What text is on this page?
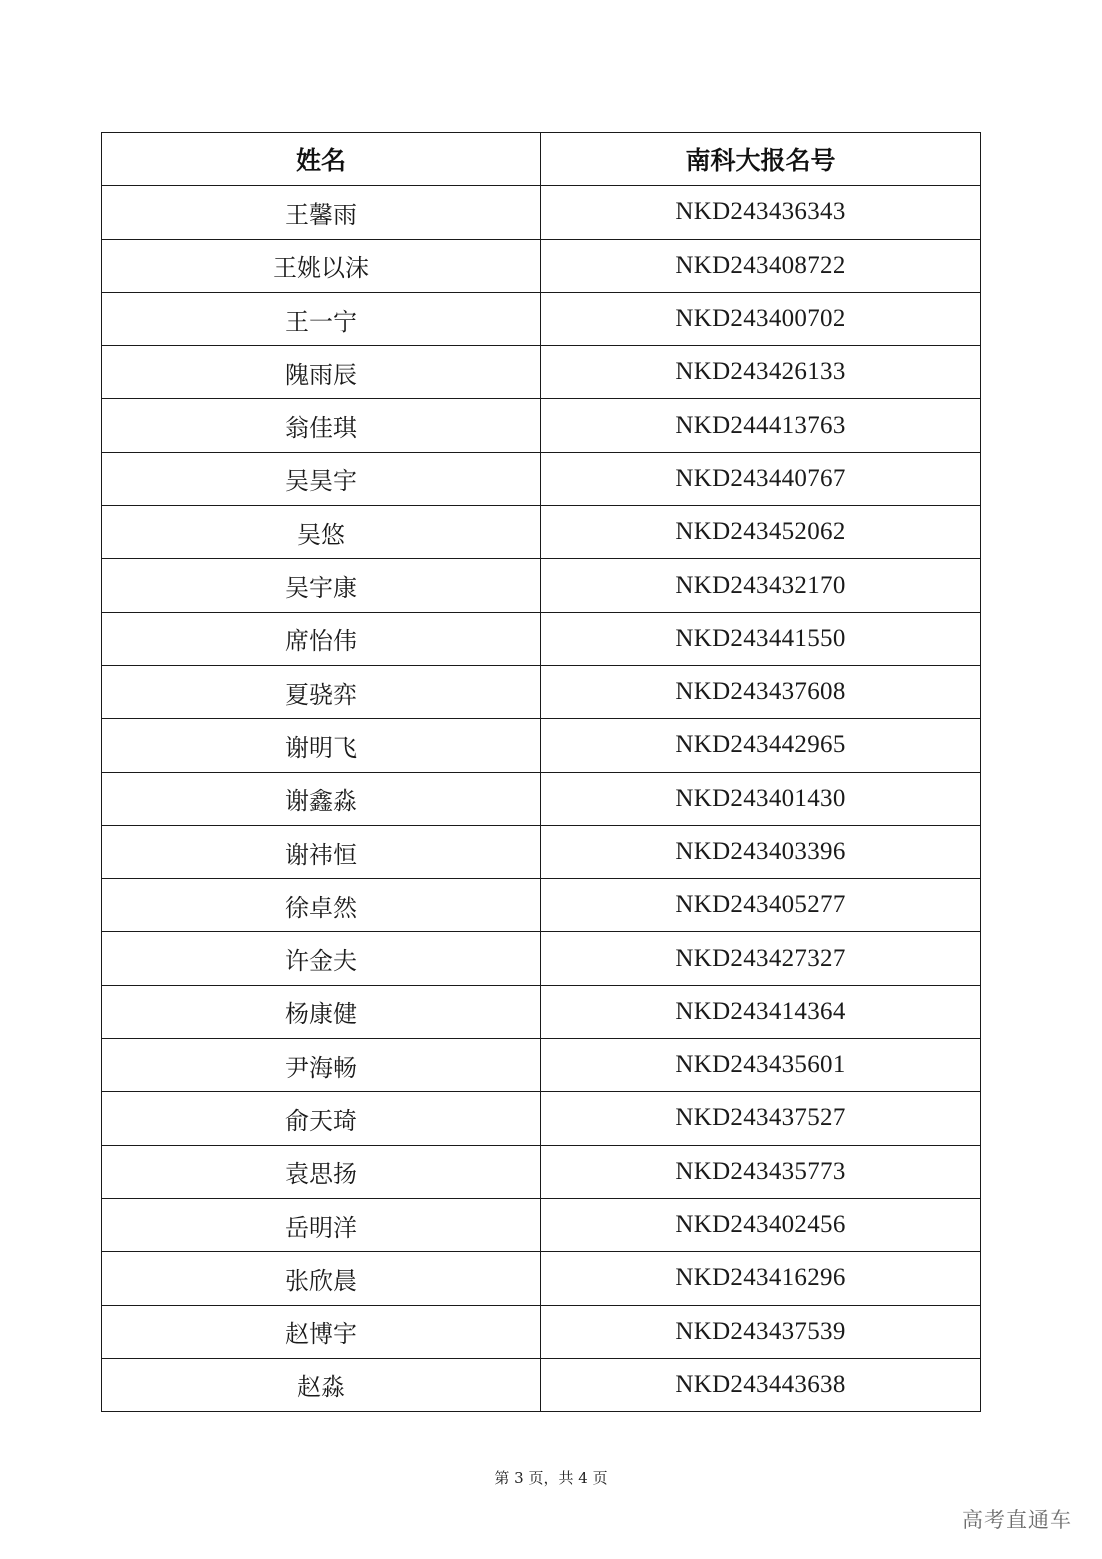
姓名	南科大报名号
王馨雨	NKD243436343
王姚以沫	NKD243408722
王一宁	NKD243400702
隗雨辰	NKD243426133
翁佳琪	NKD244413763
吴昊宇	NKD243440767
吴悠	NKD243452062
吴宇康	NKD243432170
席怡伟	NKD243441550
夏骁弈	NKD243437608
谢明飞	NKD243442965
谢鑫淼	NKD243401430
谢祎恒	NKD243403396
徐卓然	NKD243405277
许金夫	NKD243427327
杨康健	NKD243414364
尹海畅	NKD243435601
俞天琦	NKD243437527
袁思扬	NKD243435773
岳明洋	NKD243402456
张欣晨	NKD243416296
赵博宇	NKD243437539
赵淼	NKD243443638
第 3 页，共 4 页
高考直通车
